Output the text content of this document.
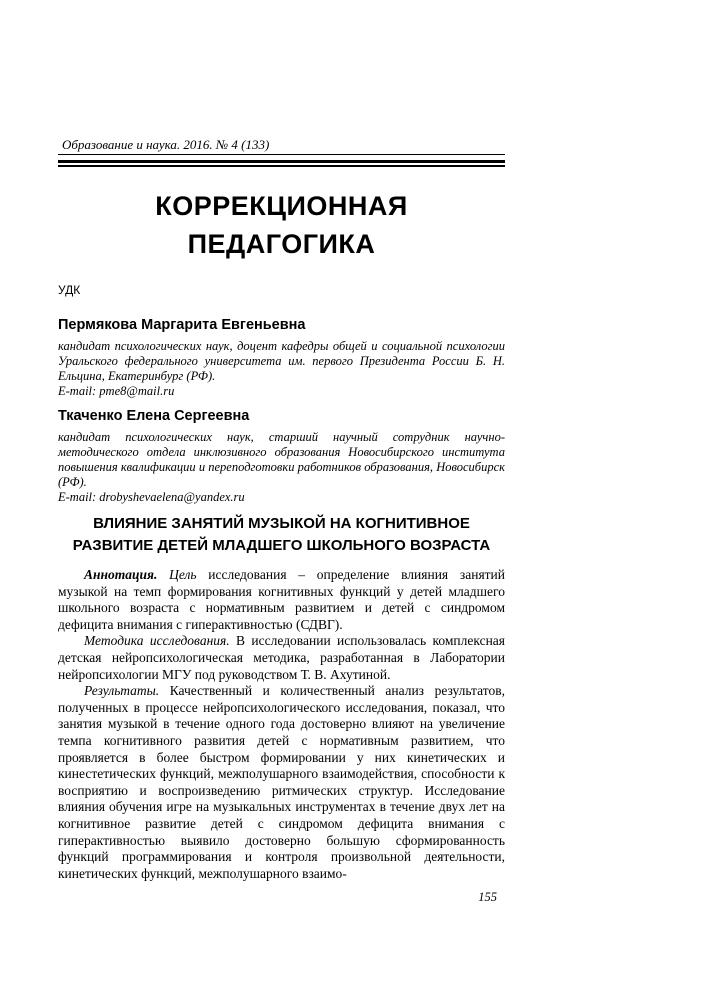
Образование и наука. 2016. № 4 (133)
КОРРЕКЦИОННАЯ
ПЕДАГОГИКА
УДК
Пермякова Маргарита Евгеньевна

кандидат психологических наук, доцент кафедры общей и социальной психологии Уральского федерального университета им. первого Президента России Б. Н. Ельцина, Екатеринбург (РФ).

E-mail: pme8@mail.ru

Ткаченко Елена Сергеевна

кандидат психологических наук, старший научный сотрудник научно-методического отдела инклюзивного образования Новосибирского института повышения квалификации и переподготовки работников образования, Новосибирск (РФ).

E-mail: drobyshevaelena@yandex.ru

ВЛИЯНИЕ ЗАНЯТИЙ МУЗЫКОЙ НА КОГНИТИВНОЕ
РАЗВИТИЕ ДЕТЕЙ МЛАДШЕГО ШКОЛЬНОГО ВОЗРАСТА

Аннотация. Цель исследования – определение влияния занятий музыкой на темп формирования когнитивных функций у детей младшего школьного возраста с нормативным развитием и детей с синдромом дефицита внимания с гиперактивностью (СДВГ).

Методика исследования. В исследовании использовалась комплексная детская нейропсихологическая методика, разработанная в Лаборатории нейропсихологии МГУ под руководством Т. В. Ахутиной.

Результаты. Качественный и количественный анализ результатов, полученных в процессе нейропсихологического исследования, показал, что занятия музыкой в течение одного года достоверно влияют на увеличение темпа когнитивного развития детей с нормативным развитием, что проявляется в более быстром формировании у них кинетических и кинестетических функций, межполушарного взаимодействия, способности к восприятию и воспроизведению ритмических структур. Исследование влияния обучения игре на музыкальных инструментах в течение двух лет на когнитивное развитие детей с синдромом дефицита внимания с гиперактивностью выявило достоверно большую сформированность функций программирования и контроля произвольной деятельности, кинетических функций, межполушарного взаимо-

155
